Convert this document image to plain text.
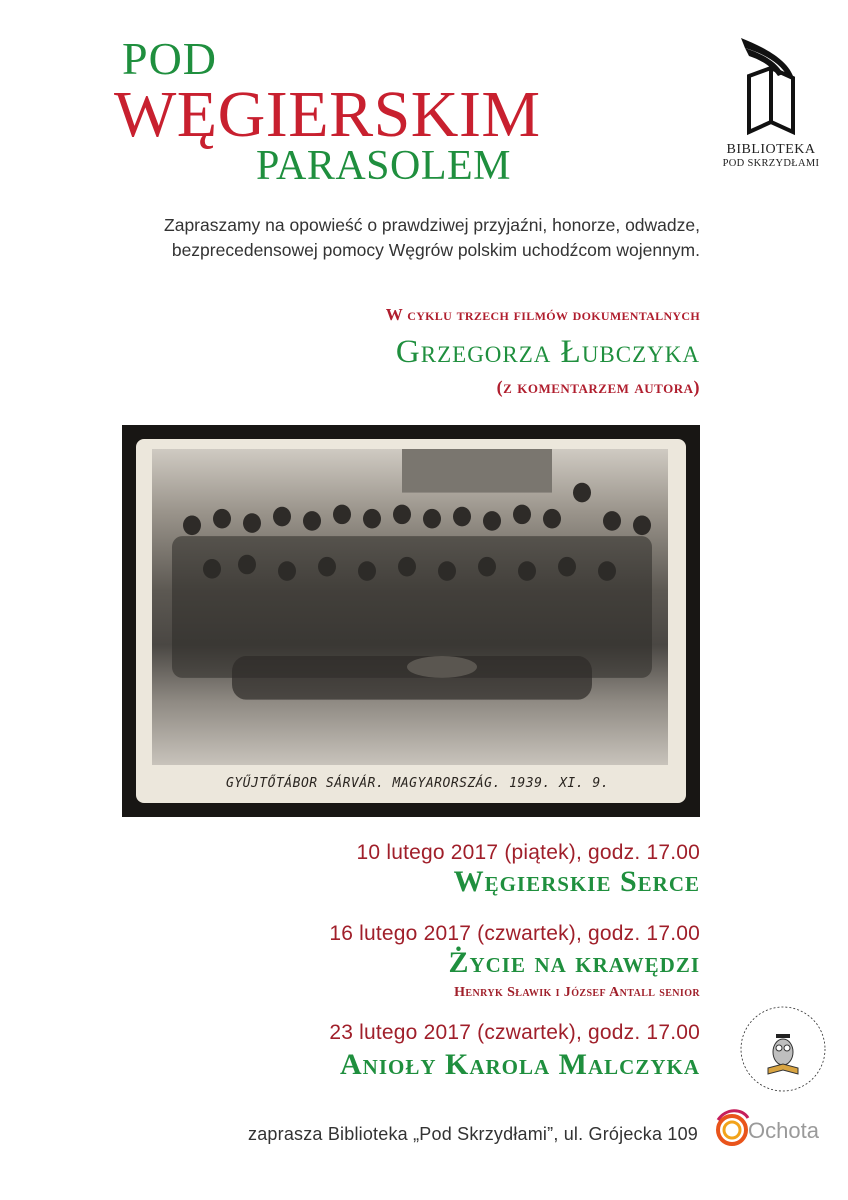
POD
WĘGIERSKIM
PARASOLEM	BIBLIOTEKA
POD SKRZYDŁAMI
Zapraszamy na opowieść o prawdziwej przyjaźni, honorze, odwadze, bezprecedensowej pomocy Węgrów polskim uchodźcom wojennym.
W cyklu trzech filmów dokumentalnych
Grzegorza Łubczyka
(z komentarzem autora)
GYŰJTŐTÁBOR SÁRVÁR. MAGYARORSZÁG. 1939. XI. 9.
10 lutego 2017 (piątek), godz. 17.00
Węgierskie Serce
16 lutego 2017 (czwartek), godz. 17.00
Życie na krawędzi
Henryk Sławik i József Antall senior
23 lutego 2017 (czwartek), godz. 17.00
Anioły Karola Malczyka
zaprasza Biblioteka „Pod Skrzydłami”, ul. Grójecka 109 Ochota
